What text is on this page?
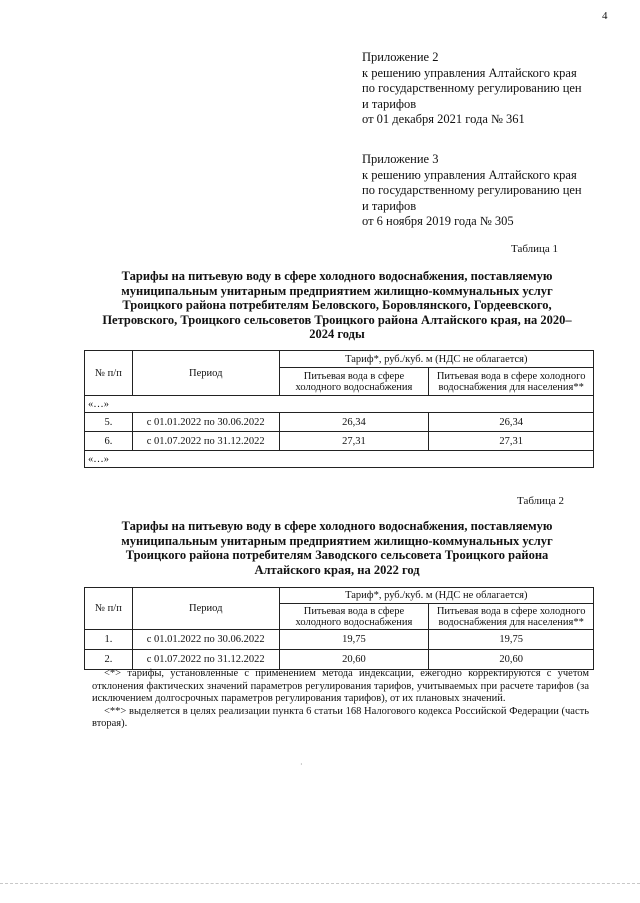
4
Приложение 2
к решению управления Алтайского края
по государственному регулированию цен
и тарифов
от 01 декабря 2021 года № 361
Приложение 3
к решению управления Алтайского края
по государственному регулированию цен
и тарифов
от 6 ноября 2019 года № 305
Таблица 1
Тарифы на питьевую воду в сфере холодного водоснабжения, поставляемую муниципальным унитарным предприятием жилищно-коммунальных услуг Троицкого района потребителям Беловского, Боровлянского, Гордеевского, Петровского, Троицкого сельсоветов Троицкого района Алтайского края, на 2020–2024 годы
№ п/п	Период	Тариф*, руб./куб. м (НДС не облагается)	
		Питьевая вода в сфере холодного водоснабжения	Питьевая вода в сфере холодного водоснабжения для населения**
«…»			
5.	с 01.01.2022 по 30.06.2022	26,34	26,34
6.	с 01.07.2022 по 31.12.2022	27,31	27,31
«…»			
Таблица 2
Тарифы на питьевую воду в сфере холодного водоснабжения, поставляемую муниципальным унитарным предприятием жилищно-коммунальных услуг Троицкого района потребителям Заводского сельсовета Троицкого района Алтайского края, на 2022 год
№ п/п	Период	Тариф*, руб./куб. м (НДС не облагается)	
		Питьевая вода в сфере холодного водоснабжения	Питьевая вода в сфере холодного водоснабжения для населения**
1.	с 01.01.2022 по 30.06.2022	19,75	19,75
2.	с 01.07.2022 по 31.12.2022	20,60	20,60
<*> тарифы, установленные с применением метода индексации, ежегодно корректируются с учетом отклонения фактических значений параметров регулирования тарифов, учитываемых при расчете тарифов (за исключением долгосрочных параметров регулирования тарифов), от их плановых значений.
<**> выделяется в целях реализации пункта 6 статьи 168 Налогового кодекса Российской Федерации (часть вторая).
·
